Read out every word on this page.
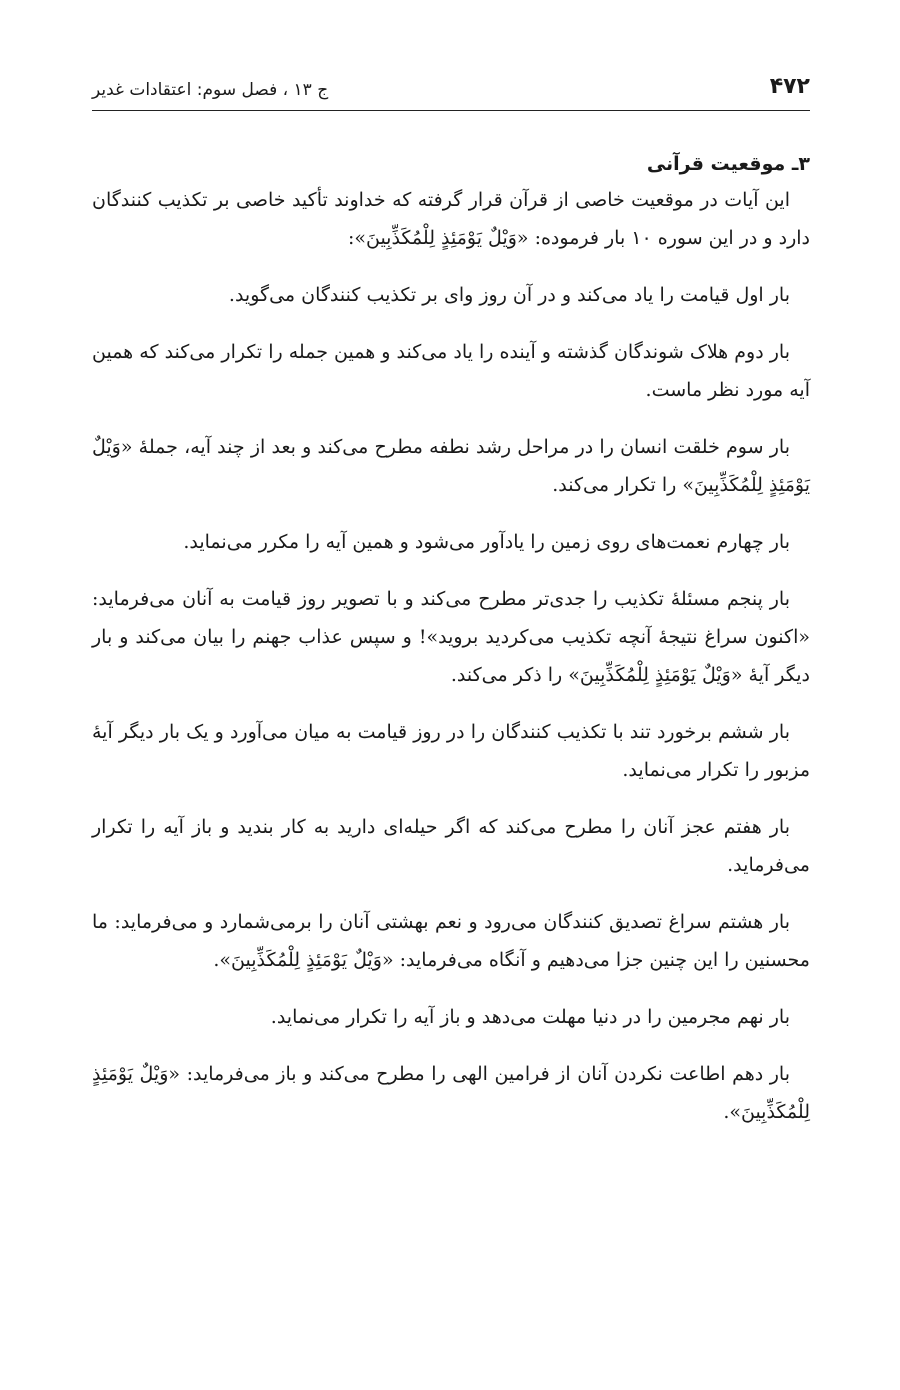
۴۷۲
ج ۱۳ ، فصل سوم: اعتقادات غدیر
۳ـ موقعیت قرآنی

این آیات در موقعیت خاصی از قرآن قرار گرفته که خداوند تأکید خاصی بر تکذیب کنندگان دارد و در این سوره ۱۰ بار فرموده: «وَیْلٌ یَوْمَئِذٍ لِلْمُکَذِّبِینَ»:

بار اول قیامت را یاد می‌کند و در آن روز وای بر تکذیب کنندگان می‌گوید.

بار دوم هلاک شوندگان گذشته و آینده را یاد می‌کند و همین جمله را تکرار می‌کند که همین آیه مورد نظر ماست.

بار سوم خلقت انسان را در مراحل رشد نطفه مطرح می‌کند و بعد از چند آیه، جملهٔ «وَیْلٌ یَوْمَئِذٍ لِلْمُکَذِّبِینَ» را تکرار می‌کند.

بار چهارم نعمت‌های روی زمین را یادآور می‌شود و همین آیه را مکرر می‌نماید.

بار پنجم مسئلهٔ تکذیب را جدی‌تر مطرح می‌کند و با تصویر روز قیامت به آنان می‌فرماید: «اکنون سراغ نتیجهٔ آنچه تکذیب می‌کردید بروید»! و سپس عذاب جهنم را بیان می‌کند و بار دیگر آیهٔ «وَیْلٌ یَوْمَئِذٍ لِلْمُکَذِّبِینَ» را ذکر می‌کند.

بار ششم برخورد تند با تکذیب کنندگان را در روز قیامت به میان می‌آورد و یک بار دیگر آیهٔ مزبور را تکرار می‌نماید.

بار هفتم عجز آنان را مطرح می‌کند که اگر حیله‌ای دارید به کار بندید و باز آیه را تکرار می‌فرماید.

بار هشتم سراغ تصدیق کنندگان می‌رود و نعم بهشتی آنان را برمی‌شمارد و می‌فرماید: ما محسنین را این چنین جزا می‌دهیم و آنگاه می‌فرماید: «وَیْلٌ یَوْمَئِذٍ لِلْمُکَذِّبِینَ».

بار نهم مجرمین را در دنیا مهلت می‌دهد و باز آیه را تکرار می‌نماید.

بار دهم اطاعت نکردن آنان از فرامین الهی را مطرح می‌کند و باز می‌فرماید: «وَیْلٌ یَوْمَئِذٍ لِلْمُکَذِّبِینَ».
